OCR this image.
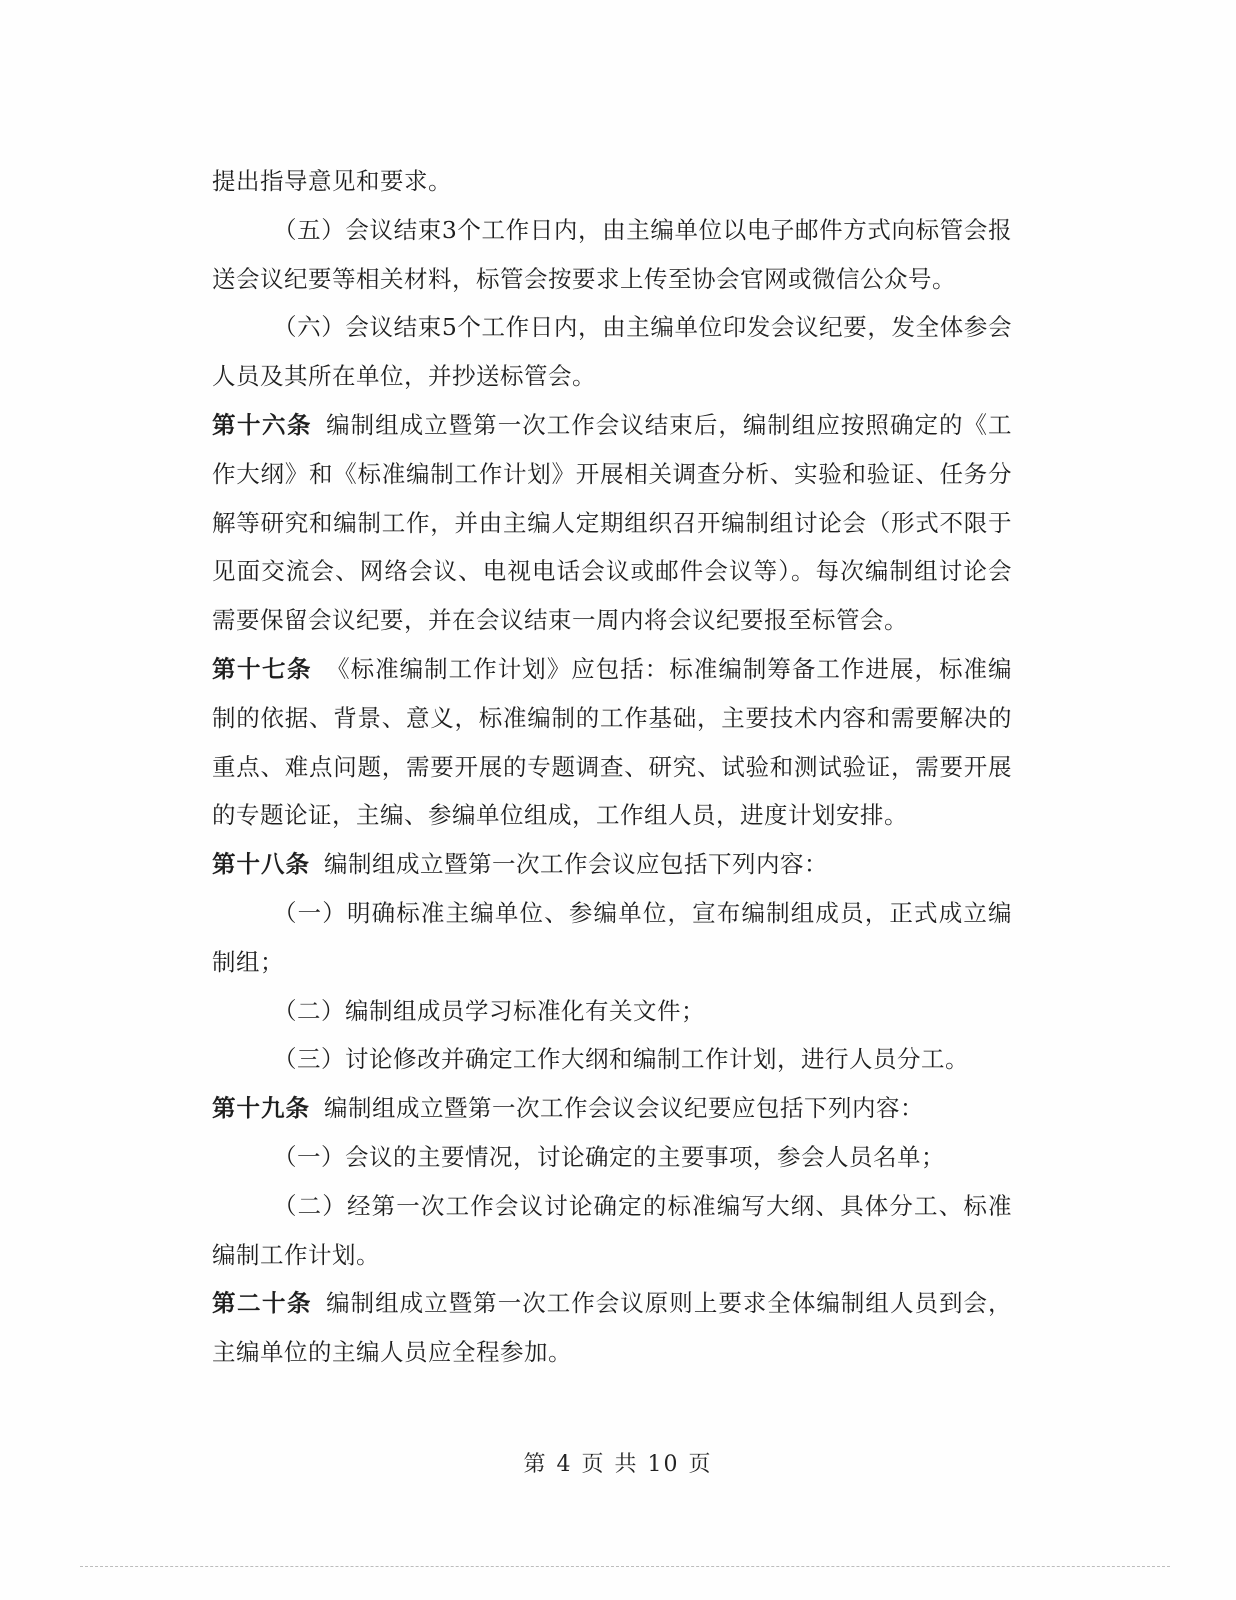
提出指导意见和要求。

（五）会议结束3个工作日内，由主编单位以电子邮件方式向标管会报送会议纪要等相关材料，标管会按要求上传至协会官网或微信公众号。

（六）会议结束5个工作日内，由主编单位印发会议纪要，发全体参会人员及其所在单位，并抄送标管会。

第十六条 编制组成立暨第一次工作会议结束后，编制组应按照确定的《工作大纲》和《标准编制工作计划》开展相关调查分析、实验和验证、任务分解等研究和编制工作，并由主编人定期组织召开编制组讨论会（形式不限于见面交流会、网络会议、电视电话会议或邮件会议等）。每次编制组讨论会需要保留会议纪要，并在会议结束一周内将会议纪要报至标管会。

第十七条 《标准编制工作计划》应包括：标准编制筹备工作进展，标准编制的依据、背景、意义，标准编制的工作基础，主要技术内容和需要解决的重点、难点问题，需要开展的专题调查、研究、试验和测试验证，需要开展的专题论证，主编、参编单位组成，工作组人员，进度计划安排。

第十八条 编制组成立暨第一次工作会议应包括下列内容：

（一）明确标准主编单位、参编单位，宣布编制组成员，正式成立编制组；

（二）编制组成员学习标准化有关文件；

（三）讨论修改并确定工作大纲和编制工作计划，进行人员分工。

第十九条 编制组成立暨第一次工作会议会议纪要应包括下列内容：

（一）会议的主要情况，讨论确定的主要事项，参会人员名单；

（二）经第一次工作会议讨论确定的标准编写大纲、具体分工、标准编制工作计划。

第二十条 编制组成立暨第一次工作会议原则上要求全体编制组人员到会，主编单位的主编人员应全程参加。

第 4 页 共 10 页
